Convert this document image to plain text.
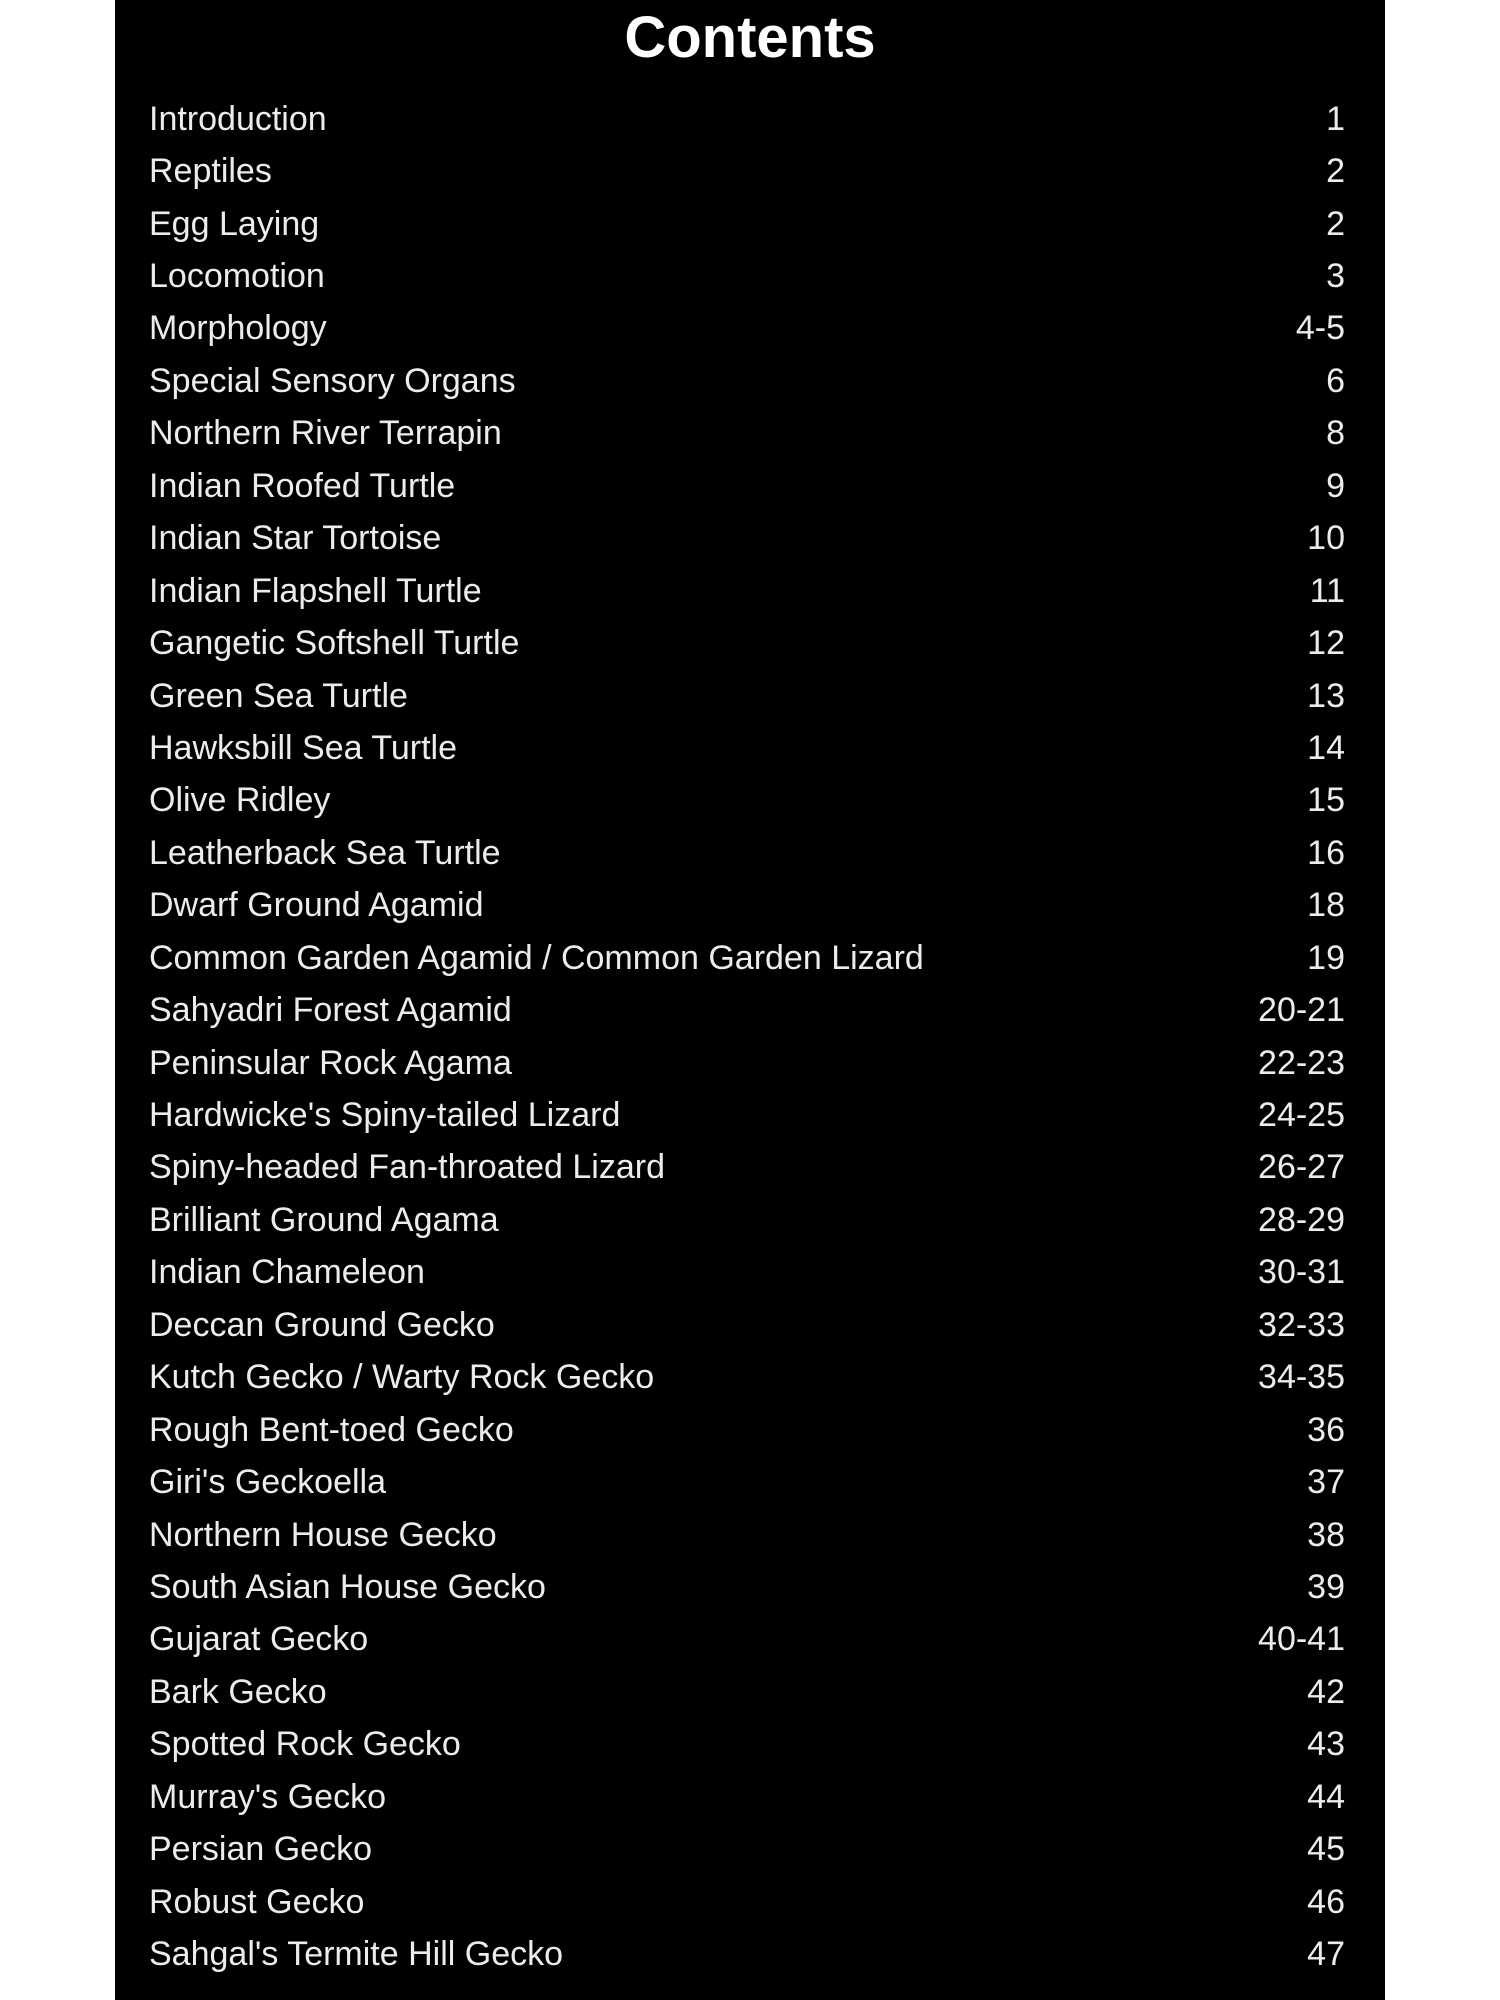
Contents
Introduction	1
Reptiles	2
Egg Laying	2
Locomotion	3
Morphology	4-5
Special Sensory Organs	6
Northern River Terrapin	8
Indian Roofed Turtle	9
Indian Star Tortoise	10
Indian Flapshell Turtle	11
Gangetic Softshell Turtle	12
Green Sea Turtle	13
Hawksbill Sea Turtle	14
Olive Ridley	15
Leatherback Sea Turtle	16
Dwarf Ground Agamid	18
Common Garden Agamid / Common Garden Lizard	19
Sahyadri Forest Agamid	20-21
Peninsular Rock Agama	22-23
Hardwicke's Spiny-tailed Lizard	24-25
Spiny-headed Fan-throated Lizard	26-27
Brilliant Ground Agama	28-29
Indian Chameleon	30-31
Deccan Ground Gecko	32-33
Kutch Gecko / Warty Rock Gecko	34-35
Rough Bent-toed Gecko	36
Giri's Geckoella	37
Northern House Gecko	38
South Asian House Gecko	39
Gujarat Gecko	40-41
Bark Gecko	42
Spotted Rock Gecko	43
Murray's Gecko	44
Persian Gecko	45
Robust Gecko	46
Sahgal's Termite Hill Gecko	47
